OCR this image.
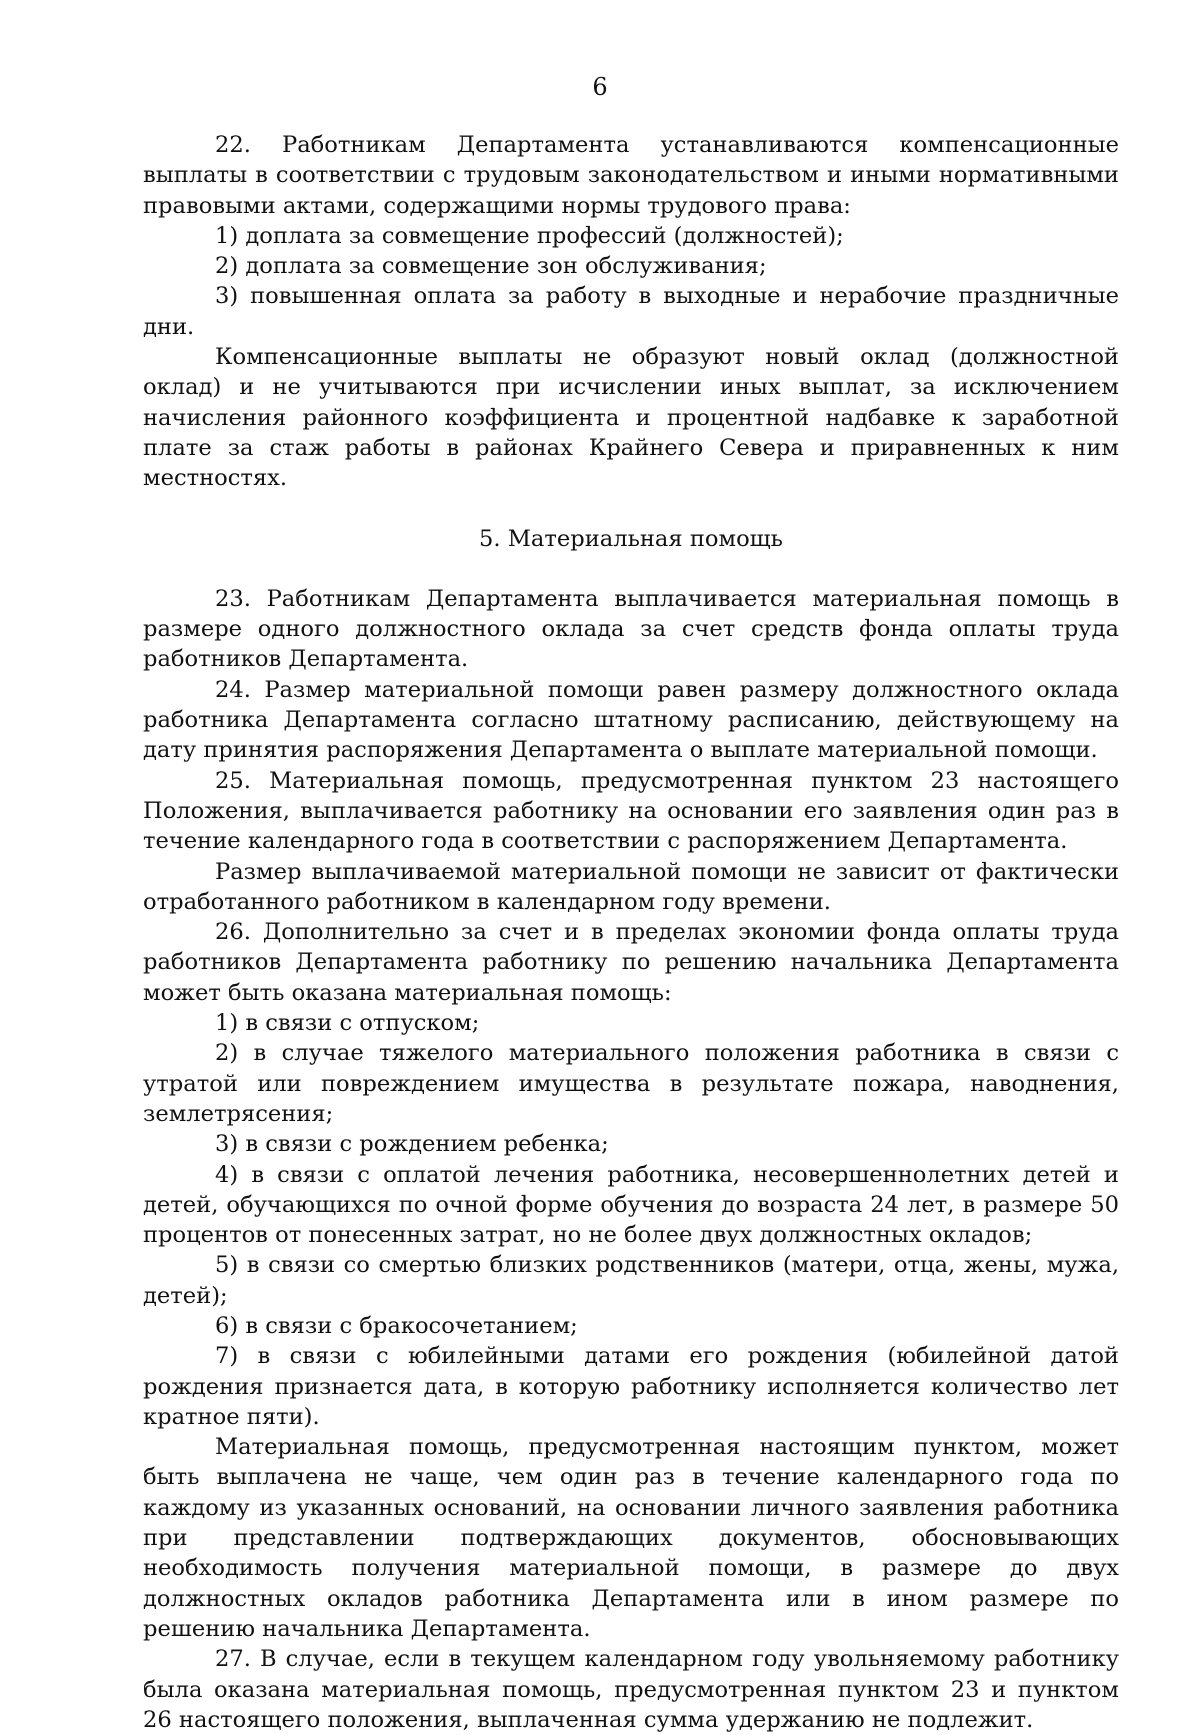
6

22. Работникам Департамента устанавливаются компенсационные выплаты в соответствии с трудовым законодательством и иными нормативными правовыми актами, содержащими нормы трудового права:

1) доплата за совмещение профессий (должностей);

2) доплата за совмещение зон обслуживания;

3) повышенная оплата за работу в выходные и нерабочие праздничные дни.

Компенсационные выплаты не образуют новый оклад (должностной оклад) и не учитываются при исчислении иных выплат, за исключением начисления районного коэффициента и процентной надбавке к заработной плате за стаж работы в районах Крайнего Севера и приравненных к ним местностях.

5. Материальная помощь

23. Работникам Департамента выплачивается материальная помощь в размере одного должностного оклада за счет средств фонда оплаты труда работников Департамента.

24. Размер материальной помощи равен размеру должностного оклада работника Департамента согласно штатному расписанию, действующему на дату принятия распоряжения Департамента о выплате материальной помощи.

25. Материальная помощь, предусмотренная пунктом 23 настоящего Положения, выплачивается работнику на основании его заявления один раз в течение календарного года в соответствии с распоряжением Департамента.

Размер выплачиваемой материальной помощи не зависит от фактически отработанного работником в календарном году времени.

26. Дополнительно за счет и в пределах экономии фонда оплаты труда работников Департамента работнику по решению начальника Департамента может быть оказана материальная помощь:

1) в связи с отпуском;

2) в случае тяжелого материального положения работника в связи с утратой или повреждением имущества в результате пожара, наводнения, землетрясения;

3) в связи с рождением ребенка;

4) в связи с оплатой лечения работника, несовершеннолетних детей и детей, обучающихся по очной форме обучения до возраста 24 лет, в размере 50 процентов от понесенных затрат, но не более двух должностных окладов;

5) в связи со смертью близких родственников (матери, отца, жены, мужа, детей);

6) в связи с бракосочетанием;

7) в связи с юбилейными датами его рождения (юбилейной датой рождения признается дата, в которую работнику исполняется количество лет кратное пяти).

Материальная помощь, предусмотренная настоящим пунктом, может быть выплачена не чаще, чем один раз в течение календарного года по каждому из указанных оснований, на основании личного заявления работника при представлении подтверждающих документов, обосновывающих необходимость получения материальной помощи, в размере до двух должностных окладов работника Департамента или в ином размере по решению начальника Департамента.

27. В случае, если в текущем календарном году увольняемому работнику была оказана материальная помощь, предусмотренная пунктом 23 и пунктом 26 настоящего положения, выплаченная сумма удержанию не подлежит.
